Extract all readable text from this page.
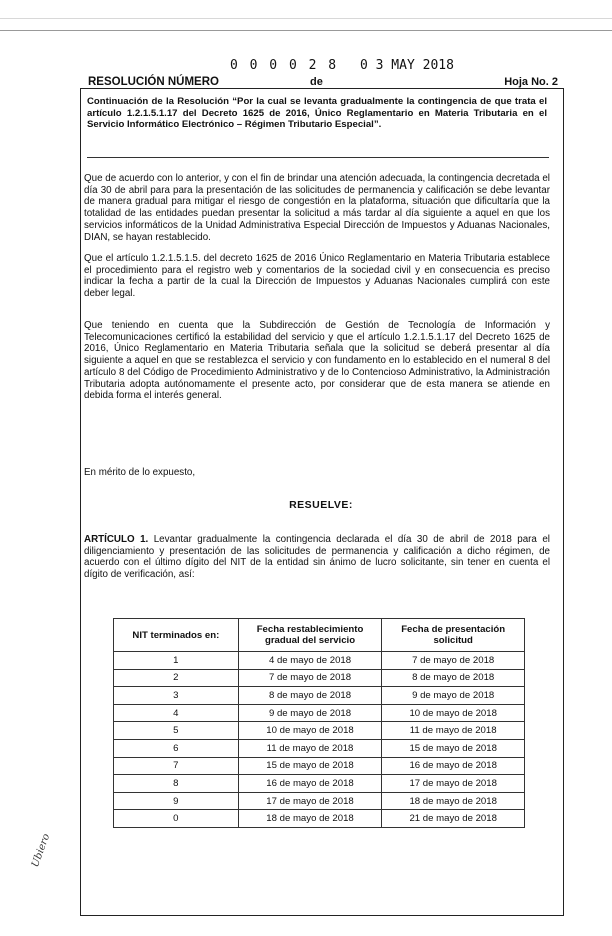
RESOLUCIÓN NÚMERO
0 0 0 0 2 8
de
0 3 MAY 2018
Hoja No. 2
Continuación de la Resolución “Por la cual se levanta gradualmente la contingencia de que trata el artículo 1.2.1.5.1.17 del Decreto 1625 de 2016, Único Reglamentario en Materia Tributaria en el Servicio Informático Electrónico – Régimen Tributario Especial”.
Que de acuerdo con lo anterior, y con el fin de brindar una atención adecuada, la contingencia decretada el día 30 de abril para para la presentación de las solicitudes de permanencia y calificación se debe levantar de manera gradual para mitigar el riesgo de congestión en la plataforma, situación que dificultaría que la totalidad de las entidades puedan presentar la solicitud a más tardar al día siguiente a aquel en que los servicios informáticos de la Unidad Administrativa Especial Dirección de Impuestos y Aduanas Nacionales, DIAN, se hayan restablecido.
Que el artículo 1.2.1.5.1.5. del decreto 1625 de 2016 Único Reglamentario en Materia Tributaria establece el procedimiento para el registro web y comentarios de la sociedad civil y en consecuencia es preciso indicar la fecha a partir de la cual la Dirección de Impuestos y Aduanas Nacionales cumplirá con este deber legal.
Que teniendo en cuenta que la Subdirección de Gestión de Tecnología de Información y Telecomunicaciones certificó la estabilidad del servicio y que el artículo 1.2.1.5.1.17 del Decreto 1625 de 2016, Único Reglamentario en Materia Tributaria señala que la solicitud se deberá presentar al día siguiente a aquel en que se restablezca el servicio y con fundamento en lo establecido en el numeral 8 del artículo 8 del Código de Procedimiento Administrativo y de lo Contencioso Administrativo, la Administración Tributaria adopta autónomamente el presente acto, por considerar que de esta manera se atiende en debida forma el interés general.
En mérito de lo expuesto,
RESUELVE:
ARTÍCULO 1. Levantar gradualmente la contingencia declarada el día 30 de abril de 2018 para el diligenciamiento y presentación de las solicitudes de permanencia y calificación a dicho régimen, de acuerdo con el último dígito del NIT de la entidad sin ánimo de lucro solicitante, sin tener en cuenta el dígito de verificación, así:
NIT terminados en:	Fecha restablecimiento gradual del servicio	Fecha de presentación solicitud
1	4 de mayo de 2018	7 de mayo de 2018
2	7 de mayo de 2018	8 de mayo de 2018
3	8 de mayo de 2018	9 de mayo de 2018
4	9 de mayo de 2018	10 de mayo de 2018
5	10 de mayo de 2018	11 de mayo de 2018
6	11 de mayo de 2018	15 de mayo de 2018
7	15 de mayo de 2018	16 de mayo de 2018
8	16 de mayo de 2018	17 de mayo de 2018
9	17 de mayo de 2018	18 de mayo de 2018
0	18 de mayo de 2018	21 de mayo de 2018
Ubiero
